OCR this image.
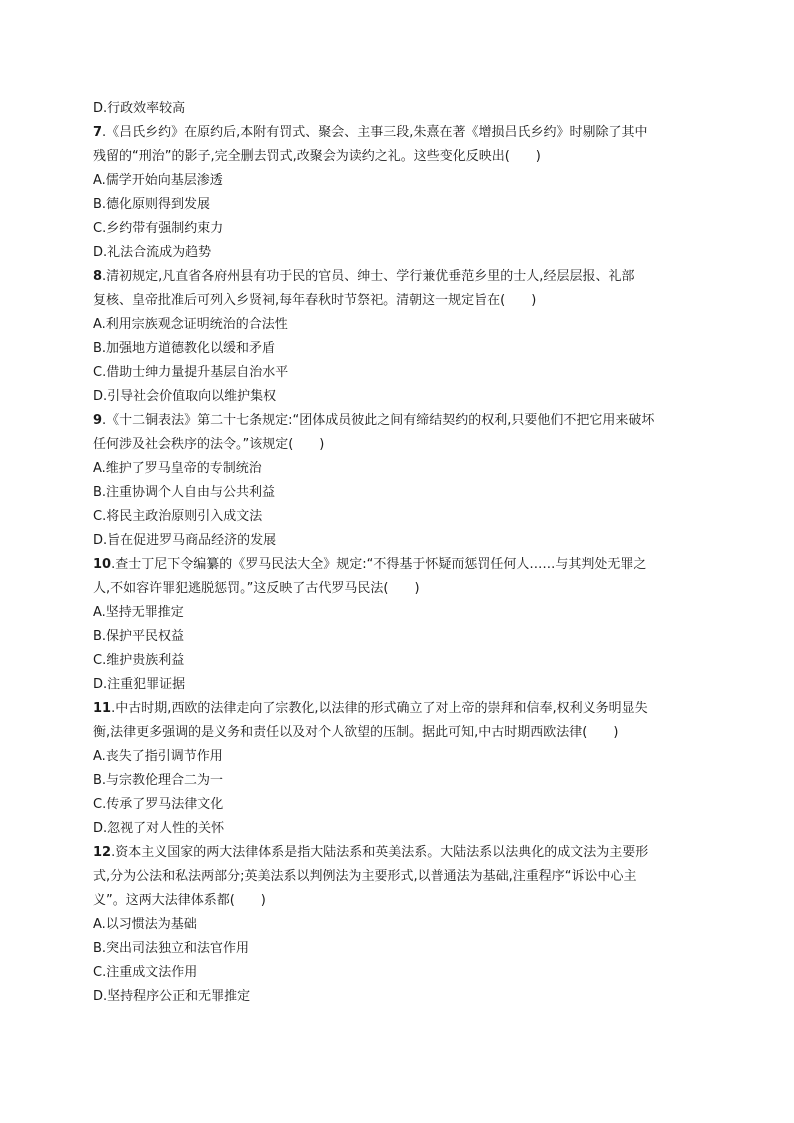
D.行政效率较高
7.《吕氏乡约》在原约后,本附有罚式、聚会、主事三段,朱熹在著《增损吕氏乡约》时剔除了其中
残留的“刑治”的影子,完全删去罚式,改聚会为读约之礼。这些变化反映出(　　)
A.儒学开始向基层渗透
B.德化原则得到发展
C.乡约带有强制约束力
D.礼法合流成为趋势
8.清初规定,凡直省各府州县有功于民的官员、绅士、学行兼优垂范乡里的士人,经层层报、礼部
复核、皇帝批准后可列入乡贤祠,每年春秋时节祭祀。清朝这一规定旨在(　　)
A.利用宗族观念证明统治的合法性
B.加强地方道德教化以缓和矛盾
C.借助士绅力量提升基层自治水平
D.引导社会价值取向以维护集权
9.《十二铜表法》第二十七条规定:“团体成员彼此之间有缔结契约的权利,只要他们不把它用来破坏
任何涉及社会秩序的法令。”该规定(　　)
A.维护了罗马皇帝的专制统治
B.注重协调个人自由与公共利益
C.将民主政治原则引入成文法
D.旨在促进罗马商品经济的发展
10.查士丁尼下令编纂的《罗马民法大全》规定:“不得基于怀疑而惩罚任何人……与其判处无罪之
人,不如容许罪犯逃脱惩罚。”这反映了古代罗马民法(　　)
A.坚持无罪推定
B.保护平民权益
C.维护贵族利益
D.注重犯罪证据
11.中古时期,西欧的法律走向了宗教化,以法律的形式确立了对上帝的崇拜和信奉,权利义务明显失
衡,法律更多强调的是义务和责任以及对个人欲望的压制。据此可知,中古时期西欧法律(　　)
A.丧失了指引调节作用
B.与宗教伦理合二为一
C.传承了罗马法律文化
D.忽视了对人性的关怀
12.资本主义国家的两大法律体系是指大陆法系和英美法系。大陆法系以法典化的成文法为主要形
式,分为公法和私法两部分;英美法系以判例法为主要形式,以普通法为基础,注重程序“诉讼中心主
义”。这两大法律体系都(　　)
A.以习惯法为基础
B.突出司法独立和法官作用
C.注重成文法作用
D.坚持程序公正和无罪推定
